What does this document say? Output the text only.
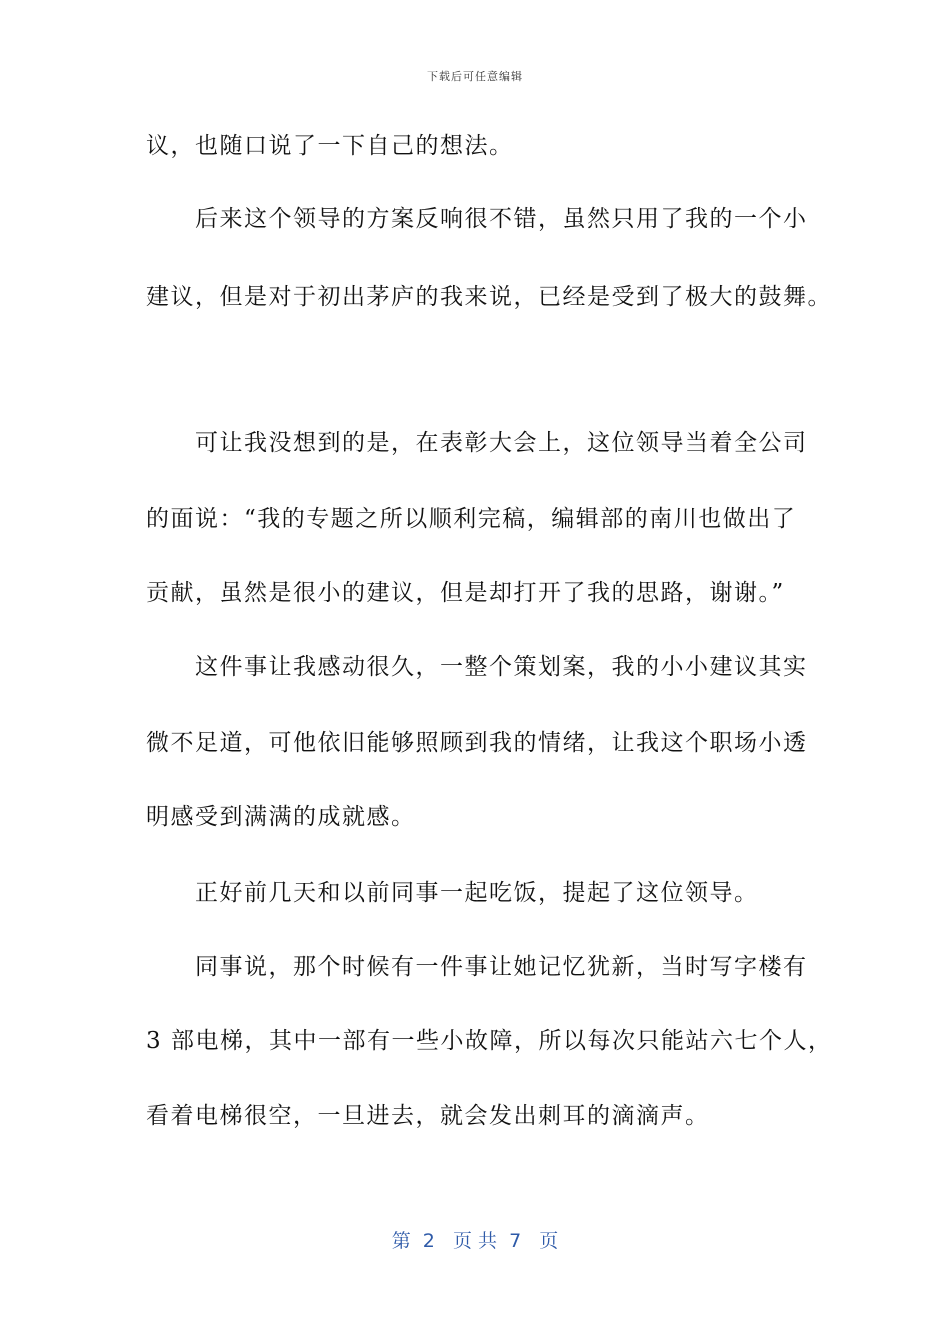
下载后可任意编辑
议，也随口说了一下自己的想法。
　　后来这个领导的方案反响很不错，虽然只用了我的一个小
建议，但是对于初出茅庐的我来说，已经是受到了极大的鼓舞。
　　可让我没想到的是，在表彰大会上，这位领导当着全公司
的面说：“我的专题之所以顺利完稿，编辑部的南川也做出了
贡献，虽然是很小的建议，但是却打开了我的思路，谢谢。”
　　这件事让我感动很久，一整个策划案，我的小小建议其实
微不足道，可他依旧能够照顾到我的情绪，让我这个职场小透
明感受到满满的成就感。
　　正好前几天和以前同事一起吃饭，提起了这位领导。
　　同事说，那个时候有一件事让她记忆犹新，当时写字楼有
3 部电梯，其中一部有一些小故障，所以每次只能站六七个人，
看着电梯很空，一旦进去，就会发出刺耳的滴滴声。
第  2   页 共  7   页
